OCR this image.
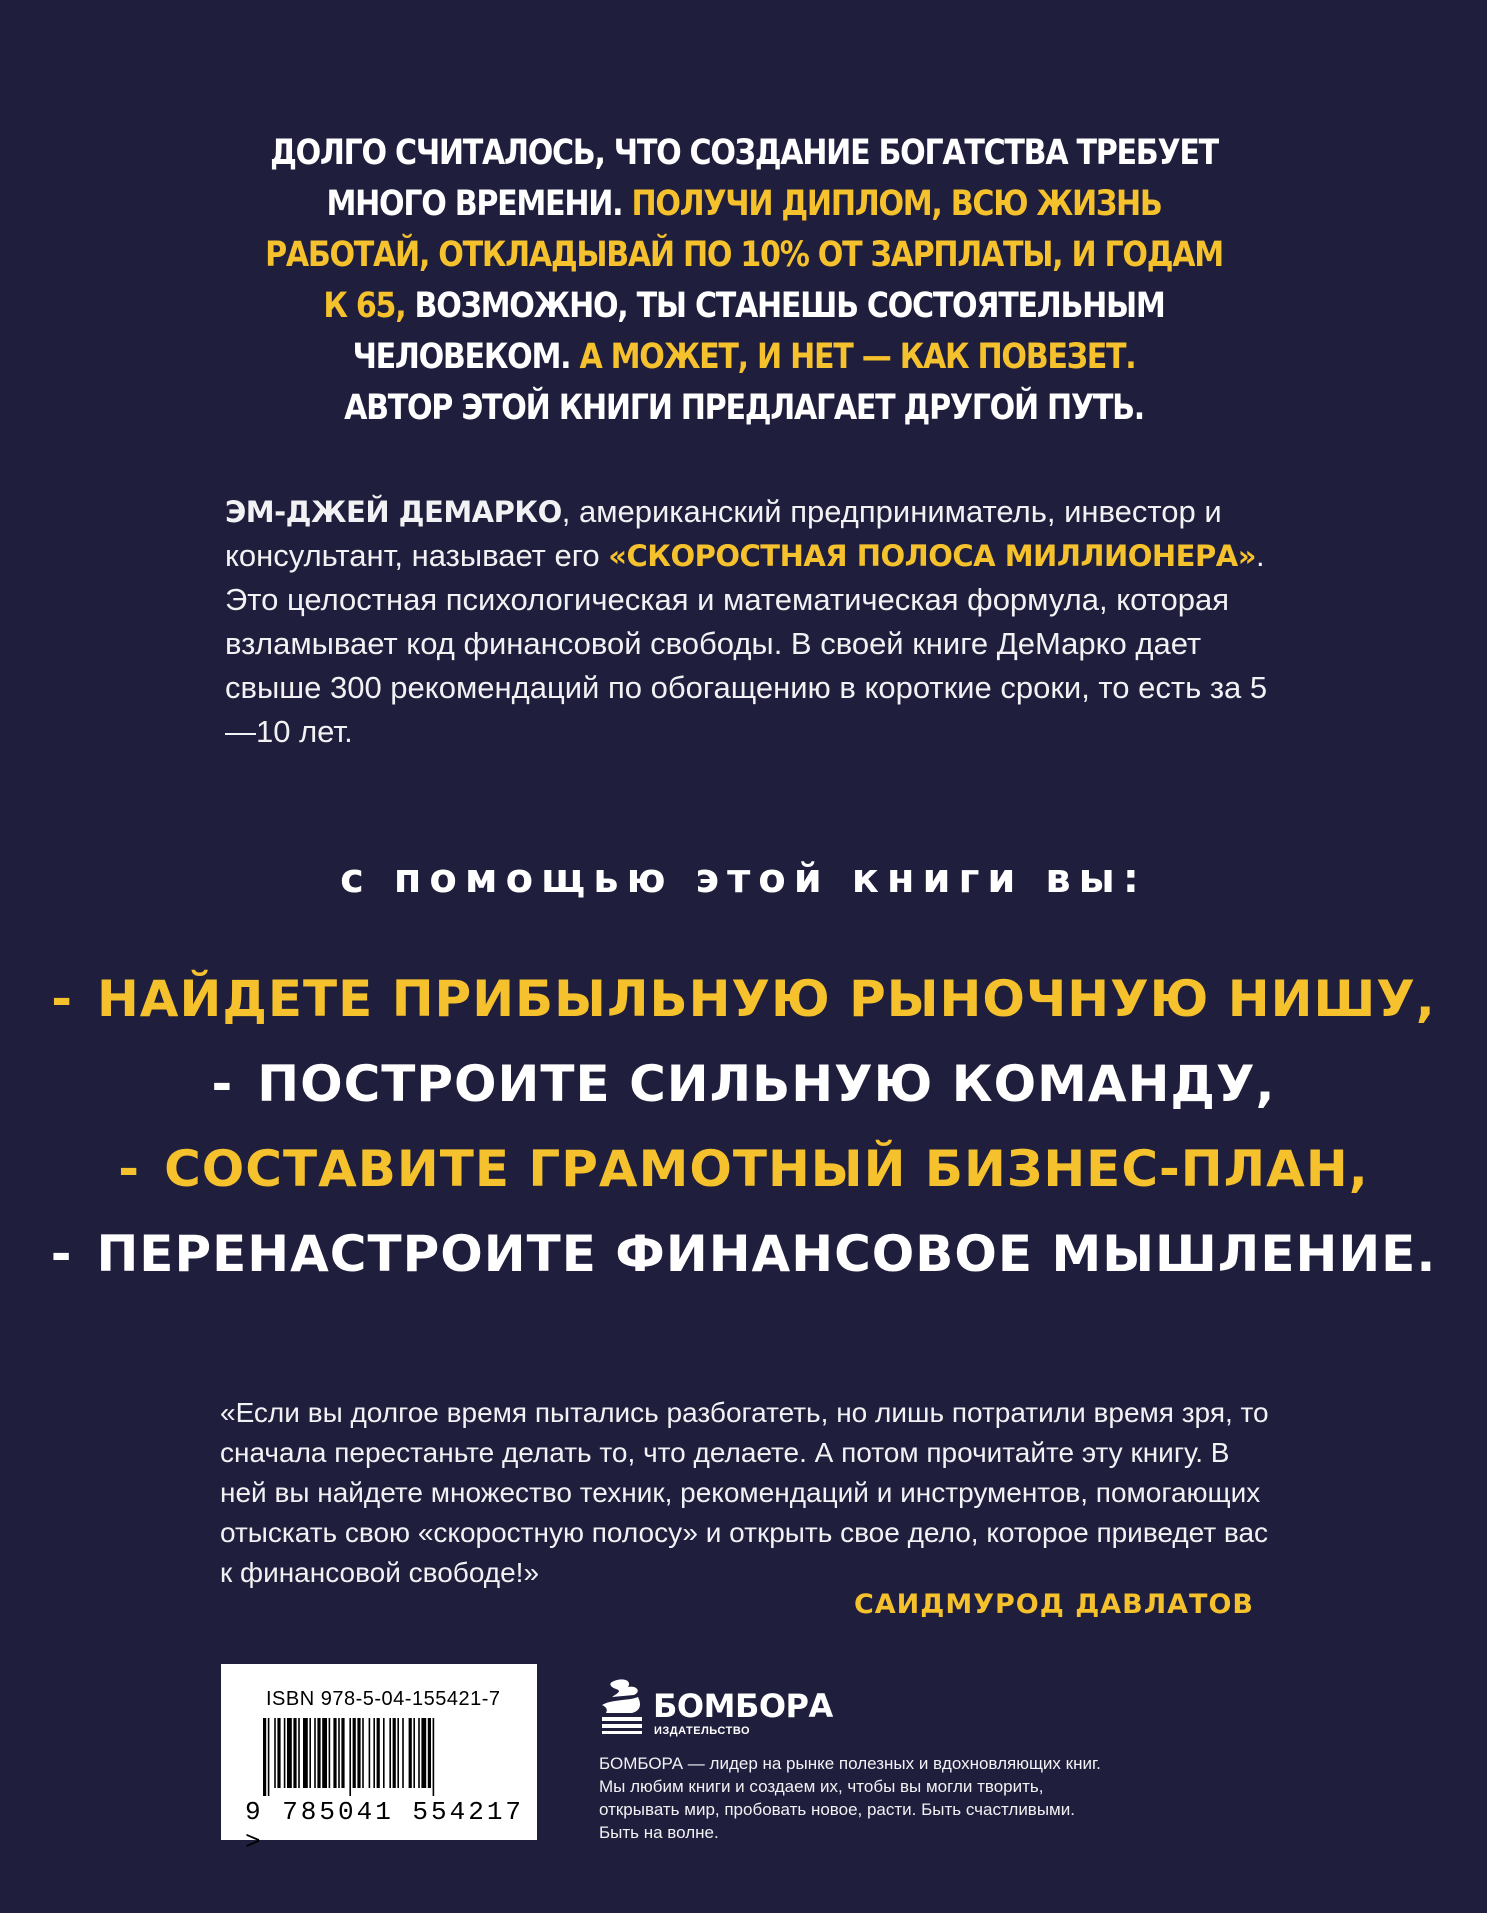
ДОЛГО СЧИТАЛОСЬ, ЧТО СОЗДАНИЕ БОГАТСТВА ТРЕБУЕТ МНОГО ВРЕМЕНИ. ПОЛУЧИ ДИПЛОМ, ВСЮ ЖИЗНЬ РАБОТАЙ, ОТКЛАДЫВАЙ ПО 10% ОТ ЗАРПЛАТЫ, И ГОДАМ К 65, ВОЗМОЖНО, ТЫ СТАНЕШЬ СОСТОЯТЕЛЬНЫМ ЧЕЛОВЕКОМ. А МОЖЕТ, И НЕТ — КАК ПОВЕЗЕТ.
АВТОР ЭТОЙ КНИГИ ПРЕДЛАГАЕТ ДРУГОЙ ПУТЬ.
ЭМ-ДЖЕЙ ДЕМАРКО, американский предприниматель, инвестор и консультант, называет его «СКОРОСТНАЯ ПОЛОСА МИЛЛИОНЕРА». Это целостная психологическая и математическая формула, которая взламывает код финансовой свободы. В своей книге ДеМарко дает свыше 300 рекомендаций по обогащению в короткие сроки, то есть за 5—10 лет.
с помощью этой книги вы:
- НАЙДЕТЕ ПРИБЫЛЬНУЮ РЫНОЧНУЮ НИШУ,
- ПОСТРОИТЕ СИЛЬНУЮ КОМАНДУ,
- СОСТАВИТЕ ГРАМОТНЫЙ БИЗНЕС-ПЛАН,
- ПЕРЕНАСТРОИТЕ ФИНАНСОВОЕ МЫШЛЕНИЕ.
«Если вы долгое время пытались разбогатеть, но лишь потратили время зря, то сначала перестаньте делать то, что делаете. А потом прочитайте эту книгу. В ней вы найдете множество техник, рекомендаций и инструментов, помогающих отыскать свою «скоростную полосу» и открыть свое дело, которое приведет вас к финансовой свободе!»
САИДМУРОД ДАВЛАТОВ
ISBN 978-5-04-155421-7
9 785041 554217 >
БОМБОРА
ИЗДАТЕЛЬСТВО
БОМБОРА — лидер на рынке полезных и вдохновляющих книг. Мы любим книги и создаем их, чтобы вы могли творить, открывать мир, пробовать новое, расти. Быть счастливыми. Быть на волне.
